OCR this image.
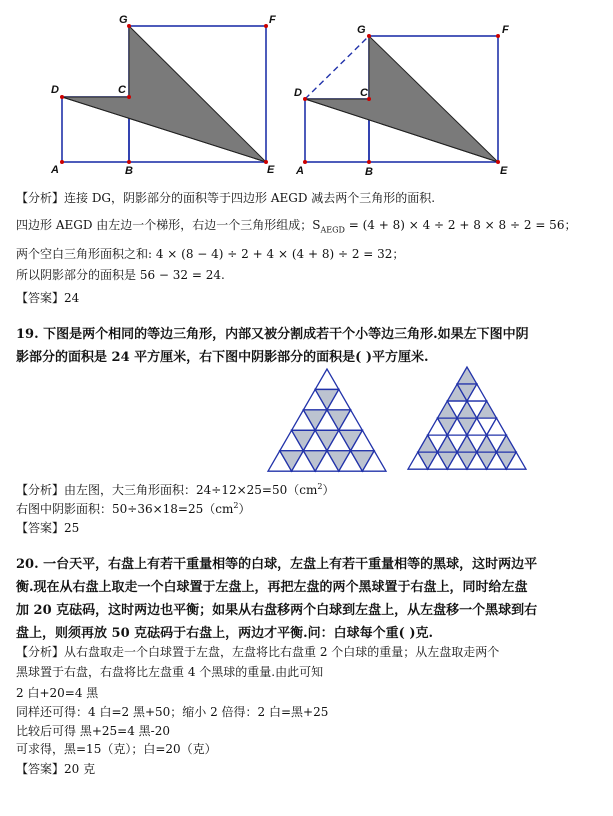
G	F
D	C
A	B	E
G	F
D	C
A	B	E
【分析】连接 DG，阴影部分的面积等于四边形 AEGD 减去两个三角形的面积.
四边形 AEGD 由左边一个梯形，右边一个三角形组成；$S_{AEGD} = (4 + 8) \times 4 \div 2 + 8 \times 8 \div 2 = 56$；
两个空白三角形面积之和: 4 × (8 − 4) ÷ 2 + 4 × (4 + 8) ÷ 2 = 32；
所以阴影部分的面积是 56 − 32 = 24.
【答案】24
19. 下图是两个相同的等边三角形，内部又被分割成若干个小等边三角形.如果左下图中阴
影部分的面积是 24 平方厘米，右下图中阴影部分的面积是( )平方厘米.
【分析】由左图，大三角形面积：$24\div 12\times 25=50(cm^2)$
右图中阴影面积：$50\div 36\times 18=25(cm^2)$
【答案】25
20. 一台天平，右盘上有若干重量相等的白球，左盘上有若干重量相等的黑球，这时两边平
衡.现在从右盘上取走一个白球置于左盘上，再把左盘的两个黑球置于右盘上，同时给左盘
加 20 克砝码，这时两边也平衡；如果从右盘移两个白球到左盘上，从左盘移一个黑球到右
盘上，则须再放 50 克砝码于右盘上，两边才平衡.问：白球每个重( )克.
【分析】从右盘取走一个白球置于左盘，左盘将比右盘重 2 个白球的重量；从左盘取走两个
黑球置于右盘，右盘将比左盘重 4 个黑球的重量.由此可知
2 白+20=4 黑
同样还可得：4 白=2 黑+50；缩小 2 倍得：2 白=黑+25
比较后可得 黑+25=4 黑-20
可求得，黑=15（克）；白=20（克）
【答案】20 克
